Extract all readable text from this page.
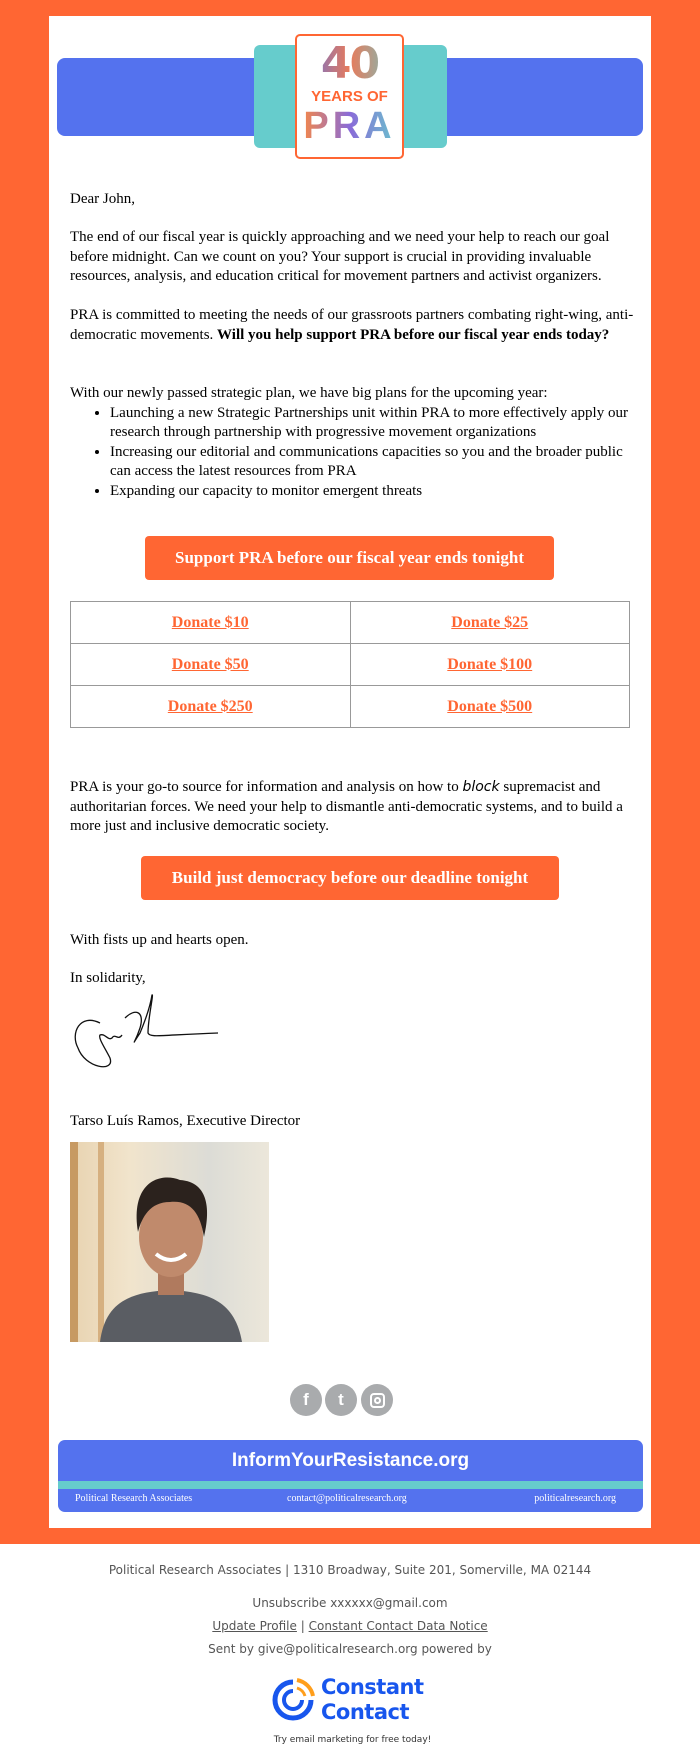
40
YEARS OF
PRA

Dear John,

The end of our fiscal year is quickly approaching and we need your help to reach our goal before midnight. Can we count on you? Your support is crucial in providing invaluable resources, analysis, and education critical for movement partners and activist organizers.

PRA is committed to meeting the needs of our grassroots partners combating right-wing, anti-democratic movements. Will you help support PRA before our fiscal year ends today?

With our newly passed strategic plan, we have big plans for the upcoming year:

• Launching a new Strategic Partnerships unit within PRA to more effectively apply our research through partnership with progressive movement organizations
• Increasing our editorial and communications capacities so you and the broader public can access the latest resources from PRA
• Expanding our capacity to monitor emergent threats
Support PRA before our fiscal year ends tonight
Donate $10	Donate $25
Donate $50	Donate $100
Donate $250	Donate $500

PRA is your go-to source for information and analysis on how to block supremacist and authoritarian forces. We need your help to dismantle anti-democratic systems, and to build a more just and inclusive democratic society.

Build just democracy before our deadline tonight

With fists up and hearts open.

In solidarity,

Tarso Luís Ramos, Executive Director

f	t
InformYourResistance.org
Political Research Associates	contact@politicalresearch.org	politicalresearch.org
Political Research Associates | 1310 Broadway, Suite 201, Somerville, MA 02144
Unsubscribe xxxxxx@gmail.com
Update Profile | Constant Contact Data Notice
Sent by give@politicalresearch.org powered by
Constant
Contact
Try email marketing for free today!
